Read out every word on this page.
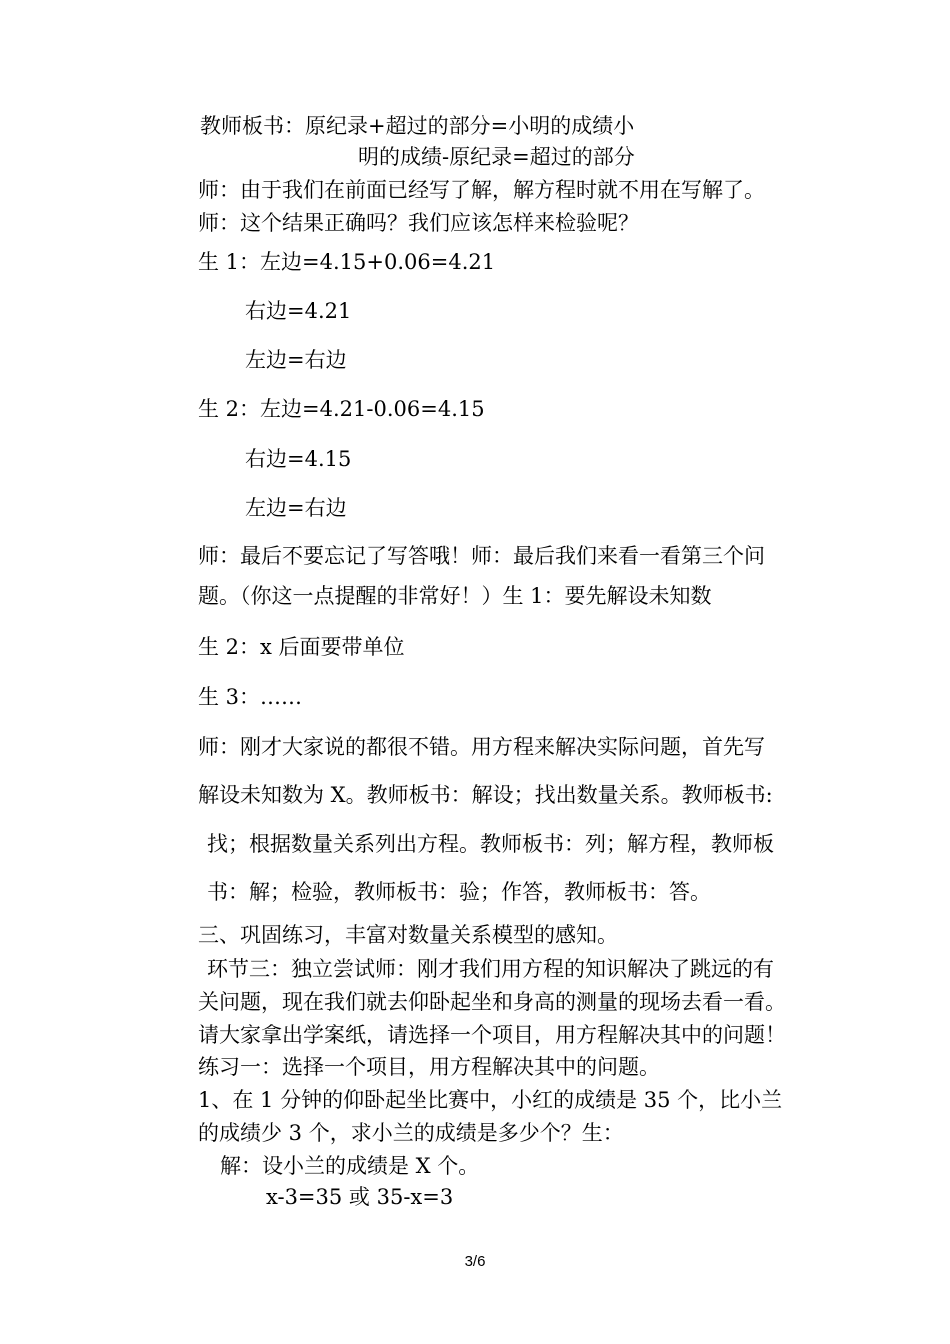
教师板书：原纪录+超过的部分=小明的成绩小
明的成绩-原纪录=超过的部分
师：由于我们在前面已经写了解，解方程时就不用在写解了。
师：这个结果正确吗？我们应该怎样来检验呢？
生 1：左边=4.15+0.06=4.21
右边=4.21
左边=右边
生 2：左边=4.21-0.06=4.15
右边=4.15
左边=右边
师：最后不要忘记了写答哦！师：最后我们来看一看第三个问
题。（你这一点提醒的非常好！）生 1：要先解设未知数
生 2：x 后面要带单位
生 3：……
师：刚才大家说的都很不错。用方程来解决实际问题，首先写
解设未知数为 X。教师板书：解设；找出数量关系。教师板书:
找；根据数量关系列出方程。教师板书：列；解方程，教师板
书：解；检验，教师板书：验；作答，教师板书：答。
三、巩固练习，丰富对数量关系模型的感知。
环节三：独立尝试师：刚才我们用方程的知识解决了跳远的有
关问题，现在我们就去仰卧起坐和身高的测量的现场去看一看。
请大家拿出学案纸，请选择一个项目，用方程解决其中的问题！
练习一：选择一个项目，用方程解决其中的问题。
1、在 1 分钟的仰卧起坐比赛中，小红的成绩是 35 个，比小兰
的成绩少 3 个，求小兰的成绩是多少个？生：
解：设小兰的成绩是 X 个。
x-3=35 或 35-x=3
3/6
